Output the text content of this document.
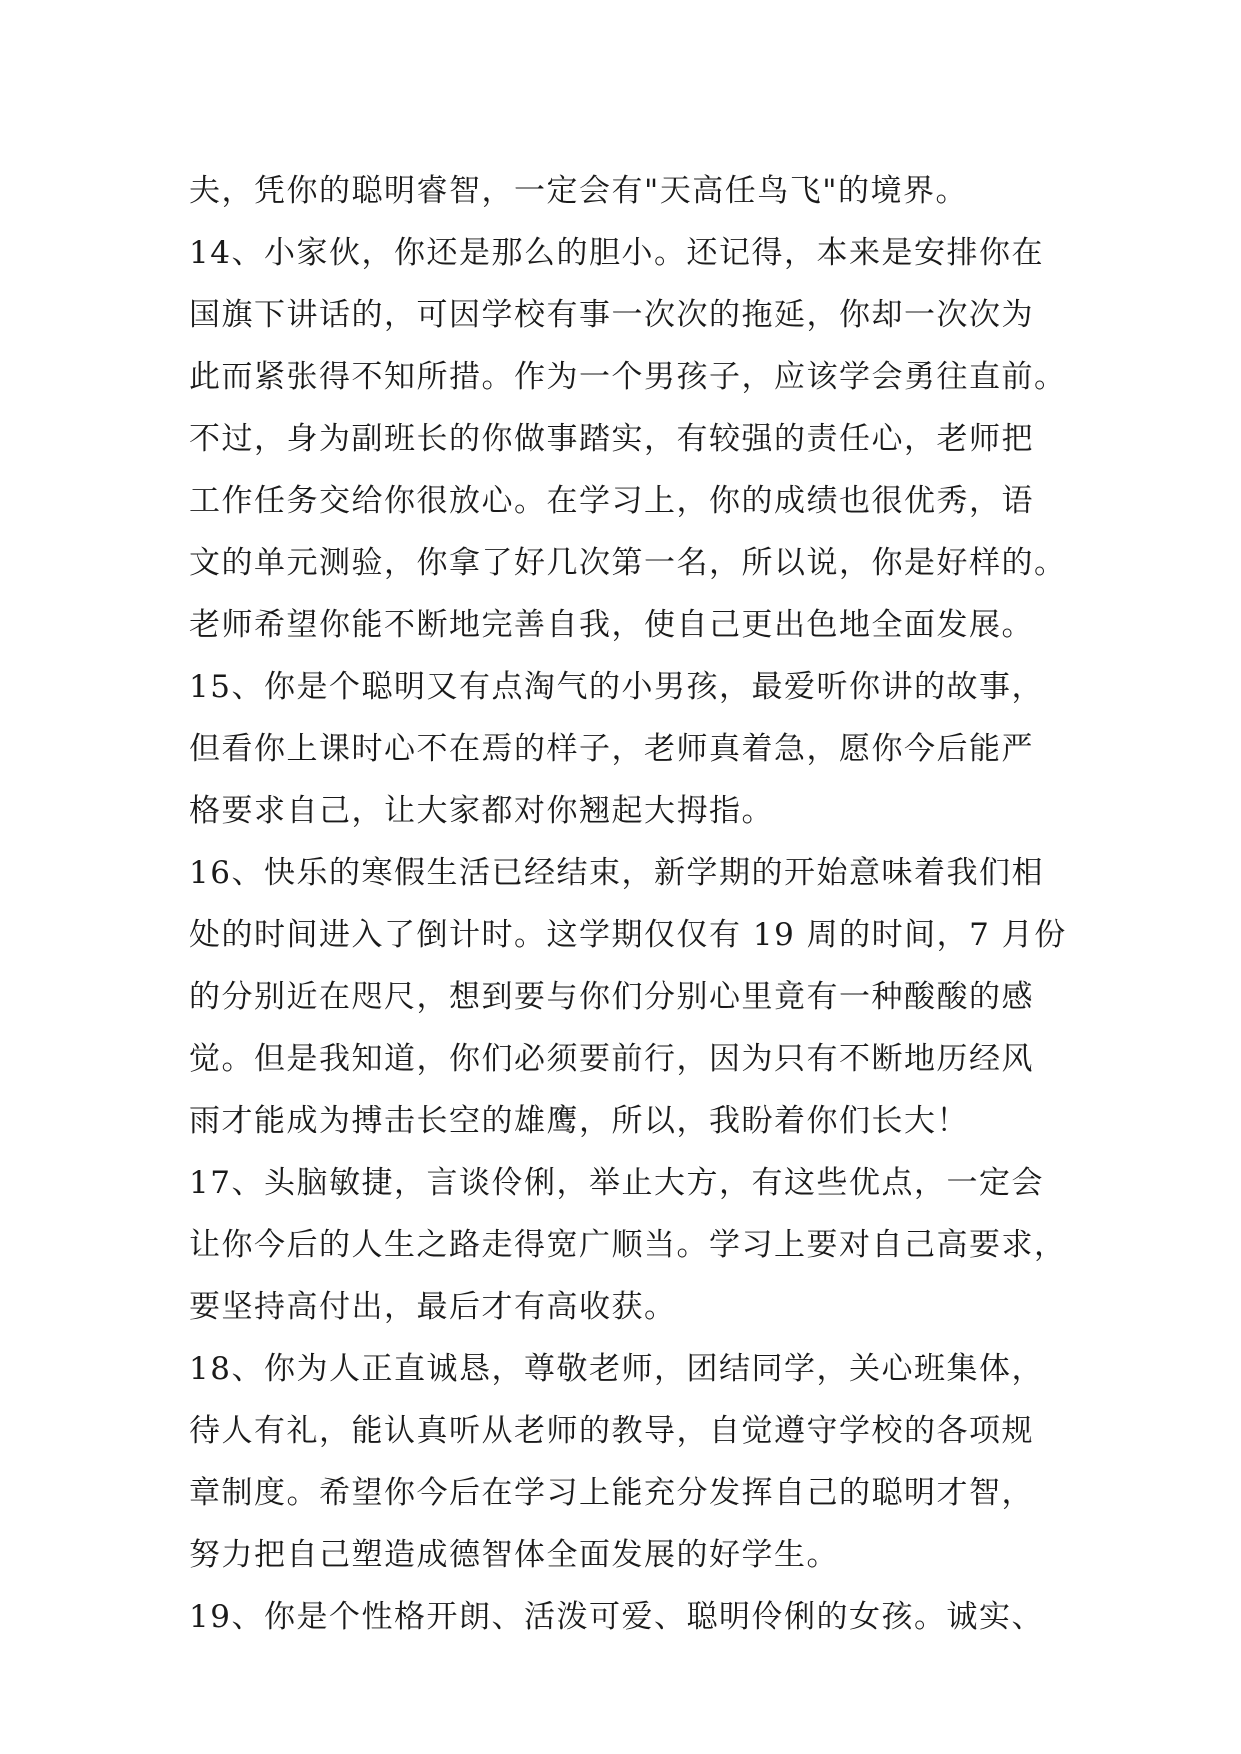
夫，凭你的聪明睿智，一定会有"天高任鸟飞"的境界。
14、小家伙，你还是那么的胆小。还记得，本来是安排你在
国旗下讲话的，可因学校有事一次次的拖延，你却一次次为
此而紧张得不知所措。作为一个男孩子，应该学会勇往直前。
不过，身为副班长的你做事踏实，有较强的责任心，老师把
工作任务交给你很放心。在学习上，你的成绩也很优秀，语
文的单元测验，你拿了好几次第一名，所以说，你是好样的。
老师希望你能不断地完善自我，使自己更出色地全面发展。
15、你是个聪明又有点淘气的小男孩，最爱听你讲的故事，
但看你上课时心不在焉的样子，老师真着急，愿你今后能严
格要求自己，让大家都对你翘起大拇指。
16、快乐的寒假生活已经结束，新学期的开始意味着我们相
处的时间进入了倒计时。这学期仅仅有 19 周的时间，7 月份
的分别近在咫尺，想到要与你们分别心里竟有一种酸酸的感
觉。但是我知道，你们必须要前行，因为只有不断地历经风
雨才能成为搏击长空的雄鹰，所以，我盼着你们长大！
17、头脑敏捷，言谈伶俐，举止大方，有这些优点，一定会
让你今后的人生之路走得宽广顺当。学习上要对自己高要求，
要坚持高付出，最后才有高收获。
18、你为人正直诚恳，尊敬老师，团结同学，关心班集体，
待人有礼，能认真听从老师的教导，自觉遵守学校的各项规
章制度。希望你今后在学习上能充分发挥自己的聪明才智，
努力把自己塑造成德智体全面发展的好学生。
19、你是个性格开朗、活泼可爱、聪明伶俐的女孩。诚实、
